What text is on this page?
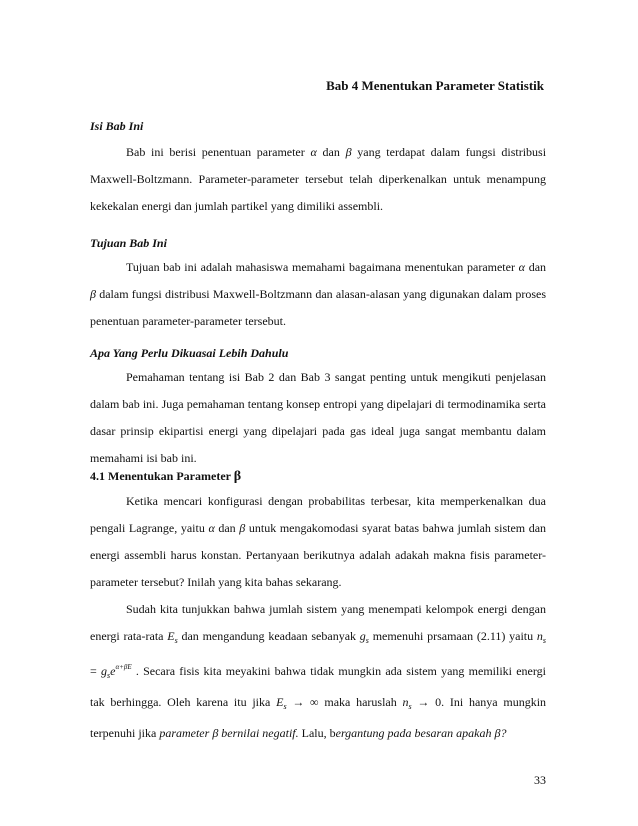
Bab 4 Menentukan Parameter Statistik

Isi Bab Ini

Bab ini berisi penentuan parameter α dan β yang terdapat dalam fungsi distribusi Maxwell-Boltzmann. Parameter-parameter tersebut telah diperkenalkan untuk menampung kekekalan energi dan jumlah partikel yang dimiliki assembli.

Tujuan Bab Ini

Tujuan bab ini adalah mahasiswa memahami bagaimana menentukan parameter α dan β dalam fungsi distribusi Maxwell-Boltzmann dan alasan-alasan yang digunakan dalam proses penentuan parameter-parameter tersebut.

Apa Yang Perlu Dikuasai Lebih Dahulu

Pemahaman tentang isi Bab 2 dan Bab 3 sangat penting untuk mengikuti penjelasan dalam bab ini. Juga pemahaman tentang konsep entropi yang dipelajari di termodinamika serta dasar prinsip ekipartisi energi yang dipelajari pada gas ideal juga sangat membantu dalam memahami isi bab ini.

4.1 Menentukan Parameter β

Ketika mencari konfigurasi dengan probabilitas terbesar, kita memperkenalkan dua pengali Lagrange, yaitu α dan β untuk mengakomodasi syarat batas bahwa jumlah sistem dan energi assembli harus konstan. Pertanyaan berikutnya adalah adakah makna fisis parameter-parameter tersebut? Inilah yang kita bahas sekarang.

Sudah kita tunjukkan bahwa jumlah sistem yang menempati kelompok energi dengan energi rata-rata $E_s$ dan mengandung keadaan sebanyak $g_s$ memenuhi prsamaan (2.11) yaitu $n_s = g_se^{\alpha+\beta E}$ . Secara fisis kita meyakini bahwa tidak mungkin ada sistem yang memiliki energi tak berhingga. Oleh karena itu jika $E_s$ → ∞ maka haruslah $n_s \to 0$. Ini hanya mungkin terpenuhi jika parameter β bernilai negatif. Lalu, bergantung pada besaran apakah β?

33
